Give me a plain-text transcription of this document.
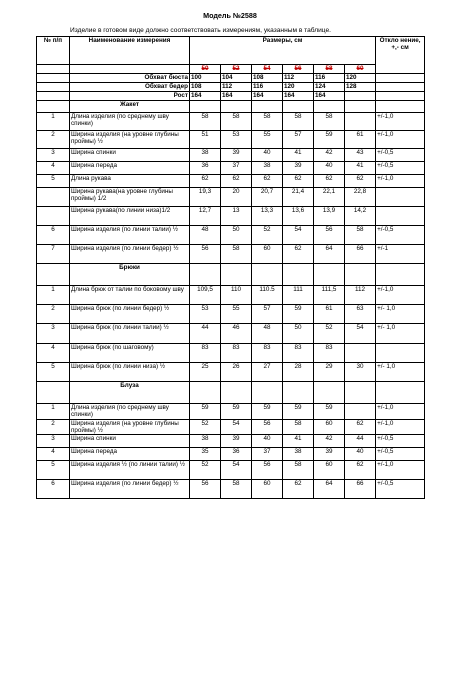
Модель №2588
Изделие в готовом виде должно соответствовать измерениям, указанным в таблице.
№ п/п	Наименование измерения	Размеры, см						Откло нение, +,- см
		50	52	54	56	58	60	
	Обхват бюста	100	104	108	112	116	120	
	Обхват бедер	108	112	116	120	124	128	
	Рост	164	164	164	164	164		
	Жакет							
1	Длина изделия (по среднему шву спинки)	58	58	58	58	58		+/-1,0
2	Ширина изделия (на уровне глубины проймы) ½	51	53	55	57	59	61	+/-1,0
3	Ширина спинки	38	39	40	41	42	43	+/-0,5
4	Ширина переда	36	37	38	39	40	41	+/-0,5
5	Длина рукава	62	62	62	62	62	62	+/-1,0
	Ширина рукава(на уровне глубины проймы) 1/2	19,3	20	20,7	21,4	22,1	22,8	
	Ширина рукава(по линии низа)1/2	12,7	13	13,3	13,6	13,9	14,2	
6	Ширина изделия (по линии талии) ½	48	50	52	54	56	58	+/-0,5
7	Ширина изделия (по линии бедер) ½	56	58	60	62	64	66	+/-1
	Брюки							
1	Длина брюк от талии по боковому шву	109,5	110	110.5	111	111,5	112	+/-1,0
2	Ширина брюк (по линии бедер) ½	53	55	57	59	61	63	+/- 1,0
3	Ширина брюк (по линии талии) ½	44	46	48	50	52	54	+/- 1,0
4	Ширина брюк (по шаговому)	83	83	83	83	83		
5	Ширина брюк (по линии низа) ½	25	26	27	28	29	30	+/- 1,0
	Блуза							
1	Длина изделия (по среднему шву спинки)	59	59	59	59	59		+/-1,0
2	Ширина изделия (на уровне глубины проймы) ½	52	54	56	58	60	62	+/-1,0
3	Ширина спинки	38	39	40	41	42	44	+/-0,5
4	Ширина переда	35	36	37	38	39	40	+/-0,5
5	Ширина изделия ½ (по линии талии) ½	52	54	56	58	60	62	+/-1,0
6	Ширина изделия (по линии бедер) ½	56	58	60	62	64	66	+/-0,5
